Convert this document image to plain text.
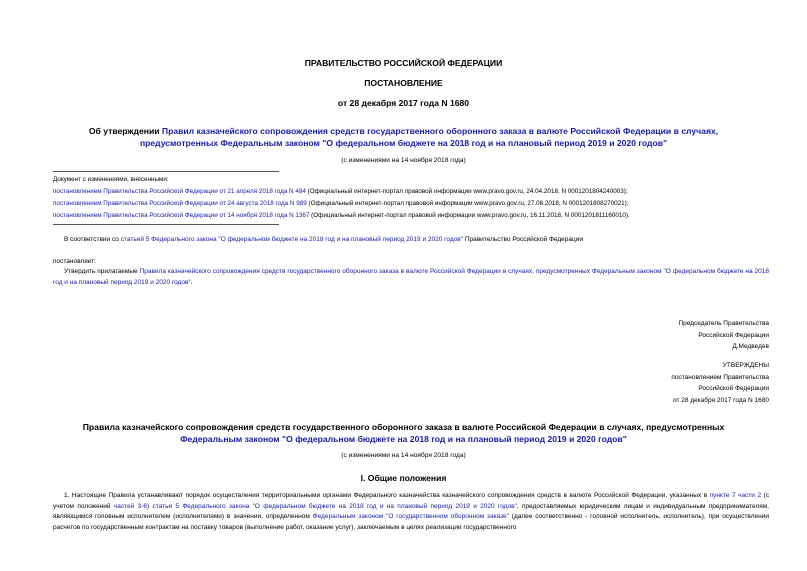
ПРАВИТЕЛЬСТВО РОССИЙСКОЙ ФЕДЕРАЦИИ
ПОСТАНОВЛЕНИЕ
от 28 декабря 2017 года N 1680
Об утверждении Правил казначейского сопровождения средств государственного оборонного заказа в валюте Российской Федерации в случаях,
предусмотренных Федеральным законом "О федеральном бюджете на 2018 год и на плановый период 2019 и 2020 годов"
(с изменениями на 14 ноября 2018 года)
Документ с изменениями, внесенными:
постановлением Правительства Российской Федерации от 21 апреля 2018 года N 484 (Официальный интернет-портал правовой информации www.pravo.gov.ru, 24.04.2018, N 0001201804240003);
постановлением Правительства Российской Федерации от 24 августа 2018 года N 989 (Официальный интернет-портал правовой информации www.pravo.gov.ru, 27.08.2018, N 0001201808270021);
постановлением Правительства Российской Федерации от 14 ноября 2018 года N 1367 (Официальный интернет-портал правовой информации www.pravo.gov.ru, 16.11.2018, N 0001201811160010).
В соответствии со статьей 5 Федерального закона "О федеральном бюджете на 2018 год и на плановый период 2019 и 2020 годов" Правительство Российской Федерации
постановляет:
Утвердить прилагаемые Правила казначейского сопровождения средств государственного оборонного заказа в валюте Российской Федерации в случаях, предусмотренных Федеральным законом "О федеральном бюджете на 2018 год и на плановый период 2019 и 2020 годов".
Председатель Правительства
Российской Федерации
Д.Медведев
УТВЕРЖДЕНЫ
постановлением Правительства
Российской Федерации
от 28 декабря 2017 года N 1680
Правила казначейского сопровождения средств государственного оборонного заказа в валюте Российской Федерации в случаях, предусмотренных
Федеральным законом "О федеральном бюджете на 2018 год и на плановый период 2019 и 2020 годов"
(с изменениями на 14 ноября 2018 года)
I. Общие положения
1. Настоящие Правила устанавливают порядок осуществления территориальными органами Федерального казначейства казначейского сопровождения средств в валюте Российской Федерации, указанных в пункте 7 части 2 (с учетом положений частей 3-6) статьи 5 Федерального закона "О федеральном бюджете на 2018 год и на плановый период 2019 и 2020 годов", предоставляемых юридическим лицам и индивидуальным предпринимателям, являющимся головным исполнителем (исполнителями) в значении, определенном Федеральным законом "О государственном оборонном заказе" (далее соответственно - головной исполнитель, исполнитель), при осуществлении расчетов по государственным контрактам на поставку товаров (выполнение работ, оказание услуг), заключаемым в целях реализации государственного
